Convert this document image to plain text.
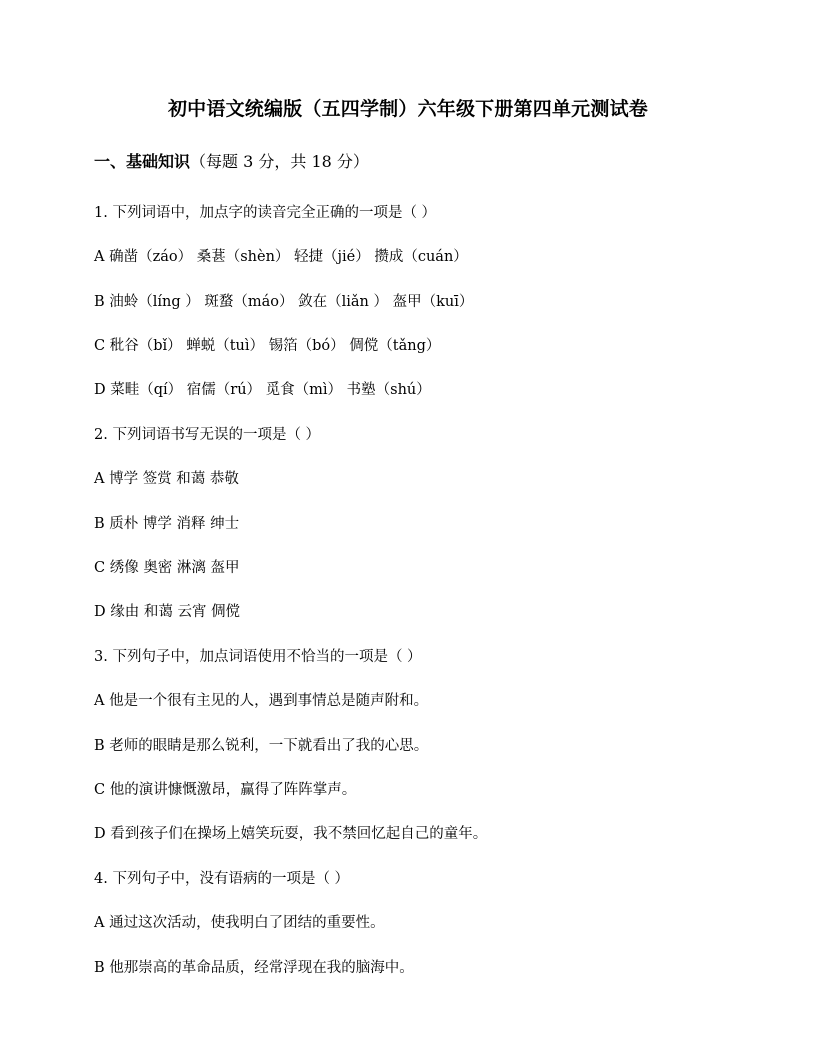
初中语文统编版（五四学制）六年级下册第四单元测试卷
一、基础知识（每题 3 分，共 18 分）
1. 下列词语中，加点字的读音完全正确的一项是（ ）
A 确凿（záo） 桑葚（shèn） 轻捷（jié） 攒成（cuán）
B 油蛉（líng ） 斑蝥（máo） 敛在（liǎn ） 盔甲（kuī）
C 秕谷（bǐ） 蝉蜕（tuì） 锡箔（bó） 倜傥（tǎng）
D 菜畦（qí） 宿儒（rú） 觅食（mì） 书塾（shú）
2. 下列词语书写无误的一项是（ ）
A 博学 签赏 和蔼 恭敬
B 质朴 博学 消释 绅士
C 绣像 奥密 淋漓 盔甲
D 缘由 和蔼 云宵 倜傥
3. 下列句子中，加点词语使用不恰当的一项是（ ）
A 他是一个很有主见的人，遇到事情总是随声附和。
B 老师的眼睛是那么锐利，一下就看出了我的心思。
C 他的演讲慷慨激昂，赢得了阵阵掌声。
D 看到孩子们在操场上嬉笑玩耍，我不禁回忆起自己的童年。
4. 下列句子中，没有语病的一项是（ ）
A 通过这次活动，使我明白了团结的重要性。
B 他那崇高的革命品质，经常浮现在我的脑海中。
